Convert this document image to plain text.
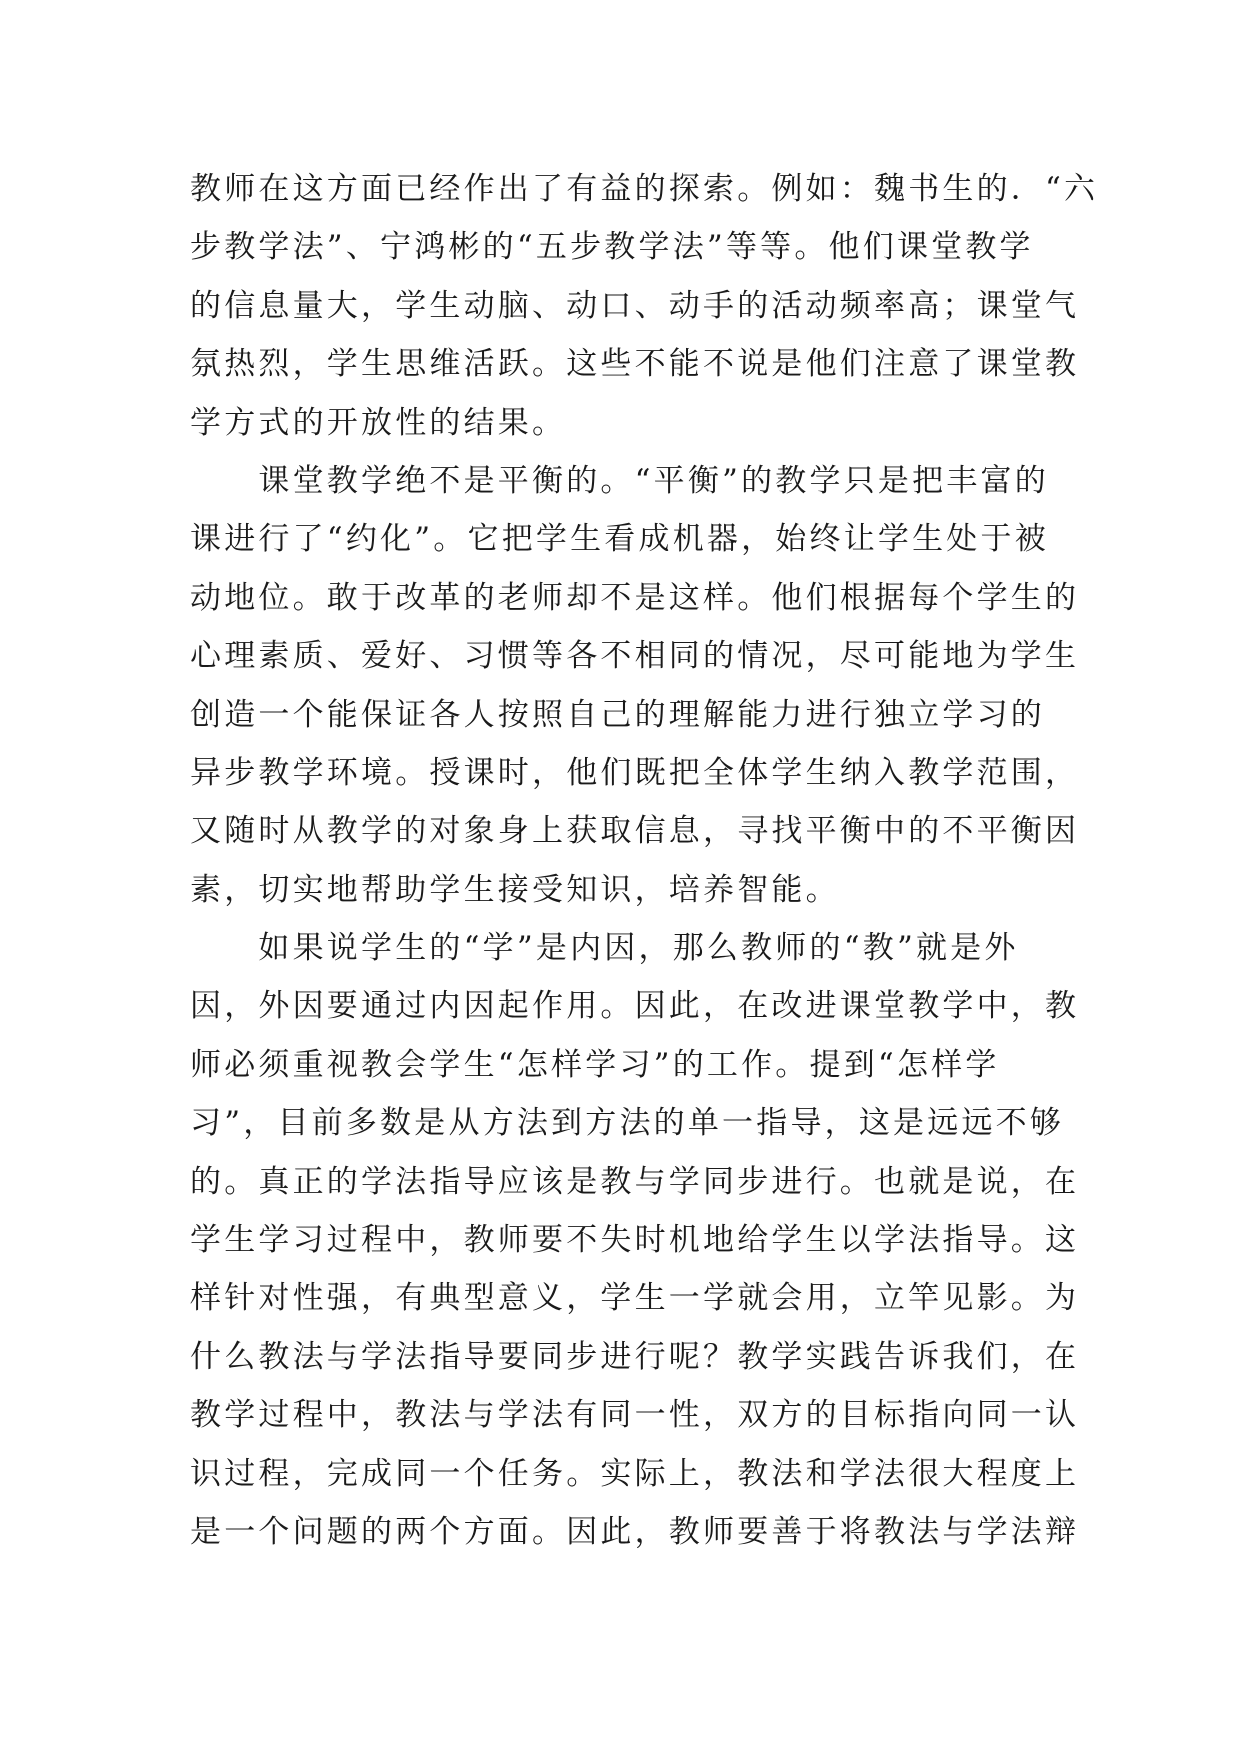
教师在这方面已经作出了有益的探索。例如：魏书生的．“六
步教学法”、宁鸿彬的“五步教学法”等等。他们课堂教学
的信息量大，学生动脑、动口、动手的活动频率高；课堂气
氛热烈，学生思维活跃。这些不能不说是他们注意了课堂教
学方式的开放性的结果。
　　课堂教学绝不是平衡的。“平衡”的教学只是把丰富的
课进行了“约化”。它把学生看成机器，始终让学生处于被
动地位。敢于改革的老师却不是这样。他们根据每个学生的
心理素质、爱好、习惯等各不相同的情况，尽可能地为学生
创造一个能保证各人按照自己的理解能力进行独立学习的
异步教学环境。授课时，他们既把全体学生纳入教学范围，
又随时从教学的对象身上获取信息，寻找平衡中的不平衡因
素，切实地帮助学生接受知识，培养智能。
　　如果说学生的“学”是内因，那么教师的“教”就是外
因，外因要通过内因起作用。因此，在改进课堂教学中，教
师必须重视教会学生“怎样学习”的工作。提到“怎样学
习”，目前多数是从方法到方法的单一指导，这是远远不够
的。真正的学法指导应该是教与学同步进行。也就是说，在
学生学习过程中，教师要不失时机地给学生以学法指导。这
样针对性强，有典型意义，学生一学就会用，立竿见影。为
什么教法与学法指导要同步进行呢？教学实践告诉我们，在
教学过程中，教法与学法有同一性，双方的目标指向同一认
识过程，完成同一个任务。实际上，教法和学法很大程度上
是一个问题的两个方面。因此，教师要善于将教法与学法辩
